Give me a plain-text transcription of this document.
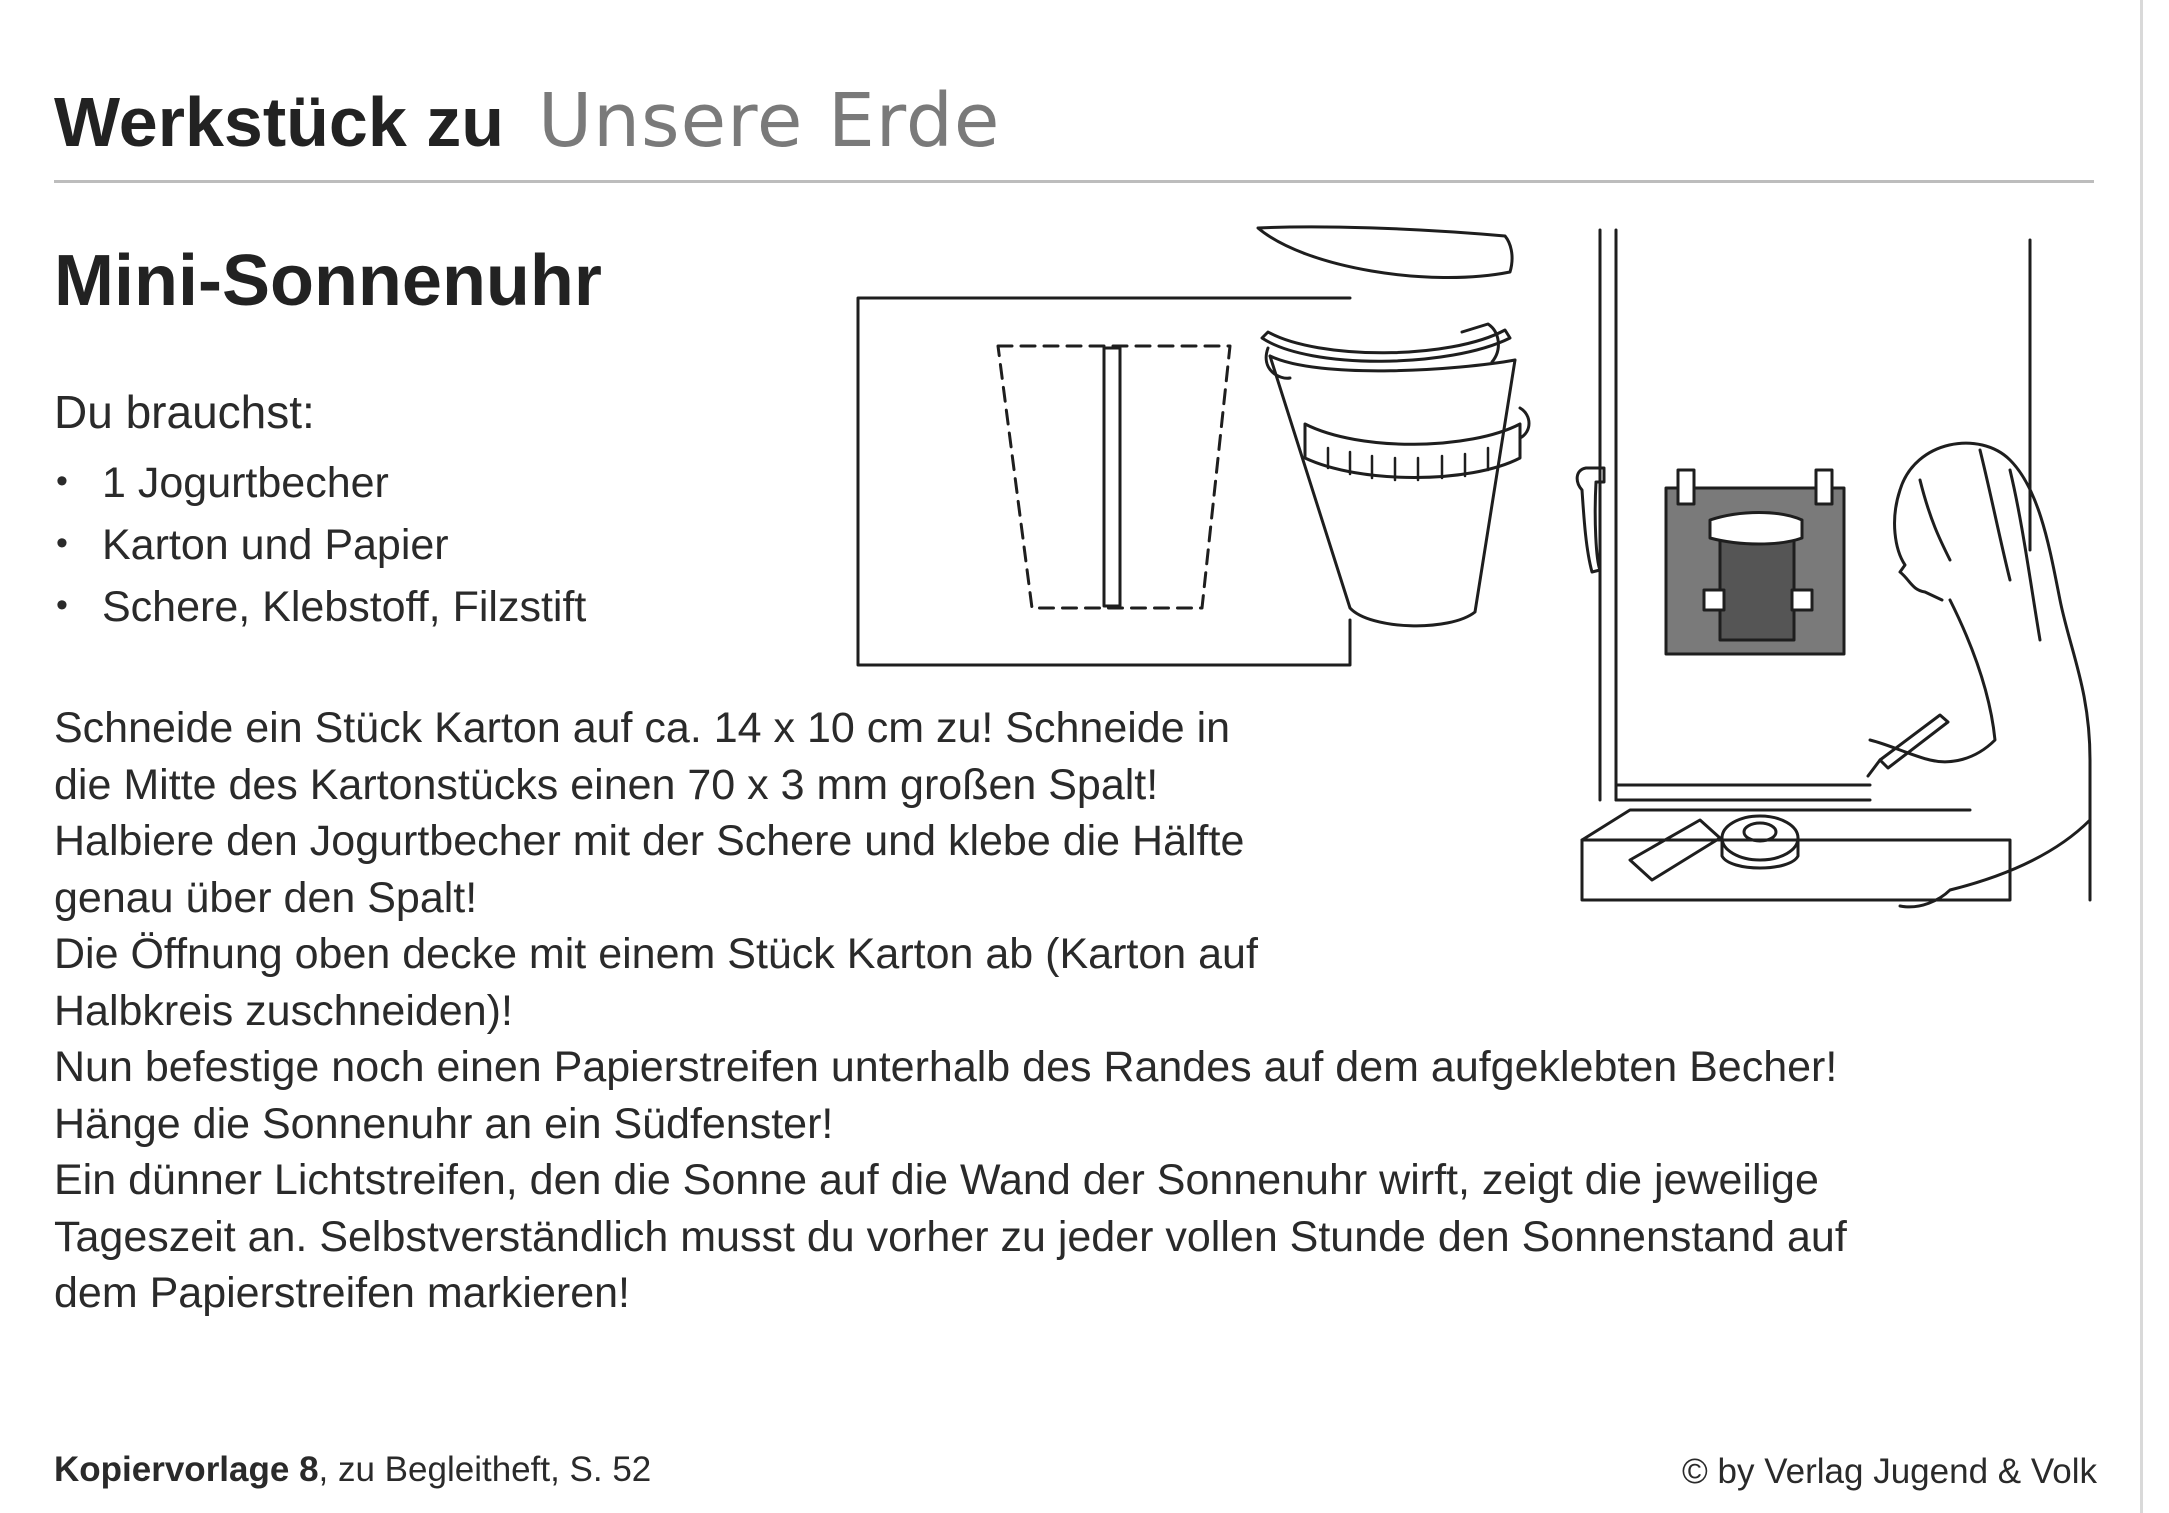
Werkstück zu Unsere Erde
Mini-Sonnenuhr
Du brauchst:
• 1 Jogurtbecher
• Karton und Papier
• Schere, Klebstoff, Filzstift
Schneide ein Stück Karton auf ca. 14 x 10 cm zu! Schneide in
die Mitte des Kartonstücks einen 70 x 3 mm großen Spalt!
Halbiere den Jogurtbecher mit der Schere und klebe die Hälfte
genau über den Spalt!
Die Öffnung oben decke mit einem Stück Karton ab (Karton auf
Halbkreis zuschneiden)!
Nun befestige noch einen Papierstreifen unterhalb des Randes auf dem aufgeklebten Becher!
Hänge die Sonnenuhr an ein Südfenster!
Ein dünner Lichtstreifen, den die Sonne auf die Wand der Sonnenuhr wirft, zeigt die jeweilige
Tageszeit an. Selbstverständlich musst du vorher zu jeder vollen Stunde den Sonnenstand auf
dem Papierstreifen markieren!
Kopiervorlage 8, zu Begleitheft, S. 52	© by Verlag Jugend & Volk
